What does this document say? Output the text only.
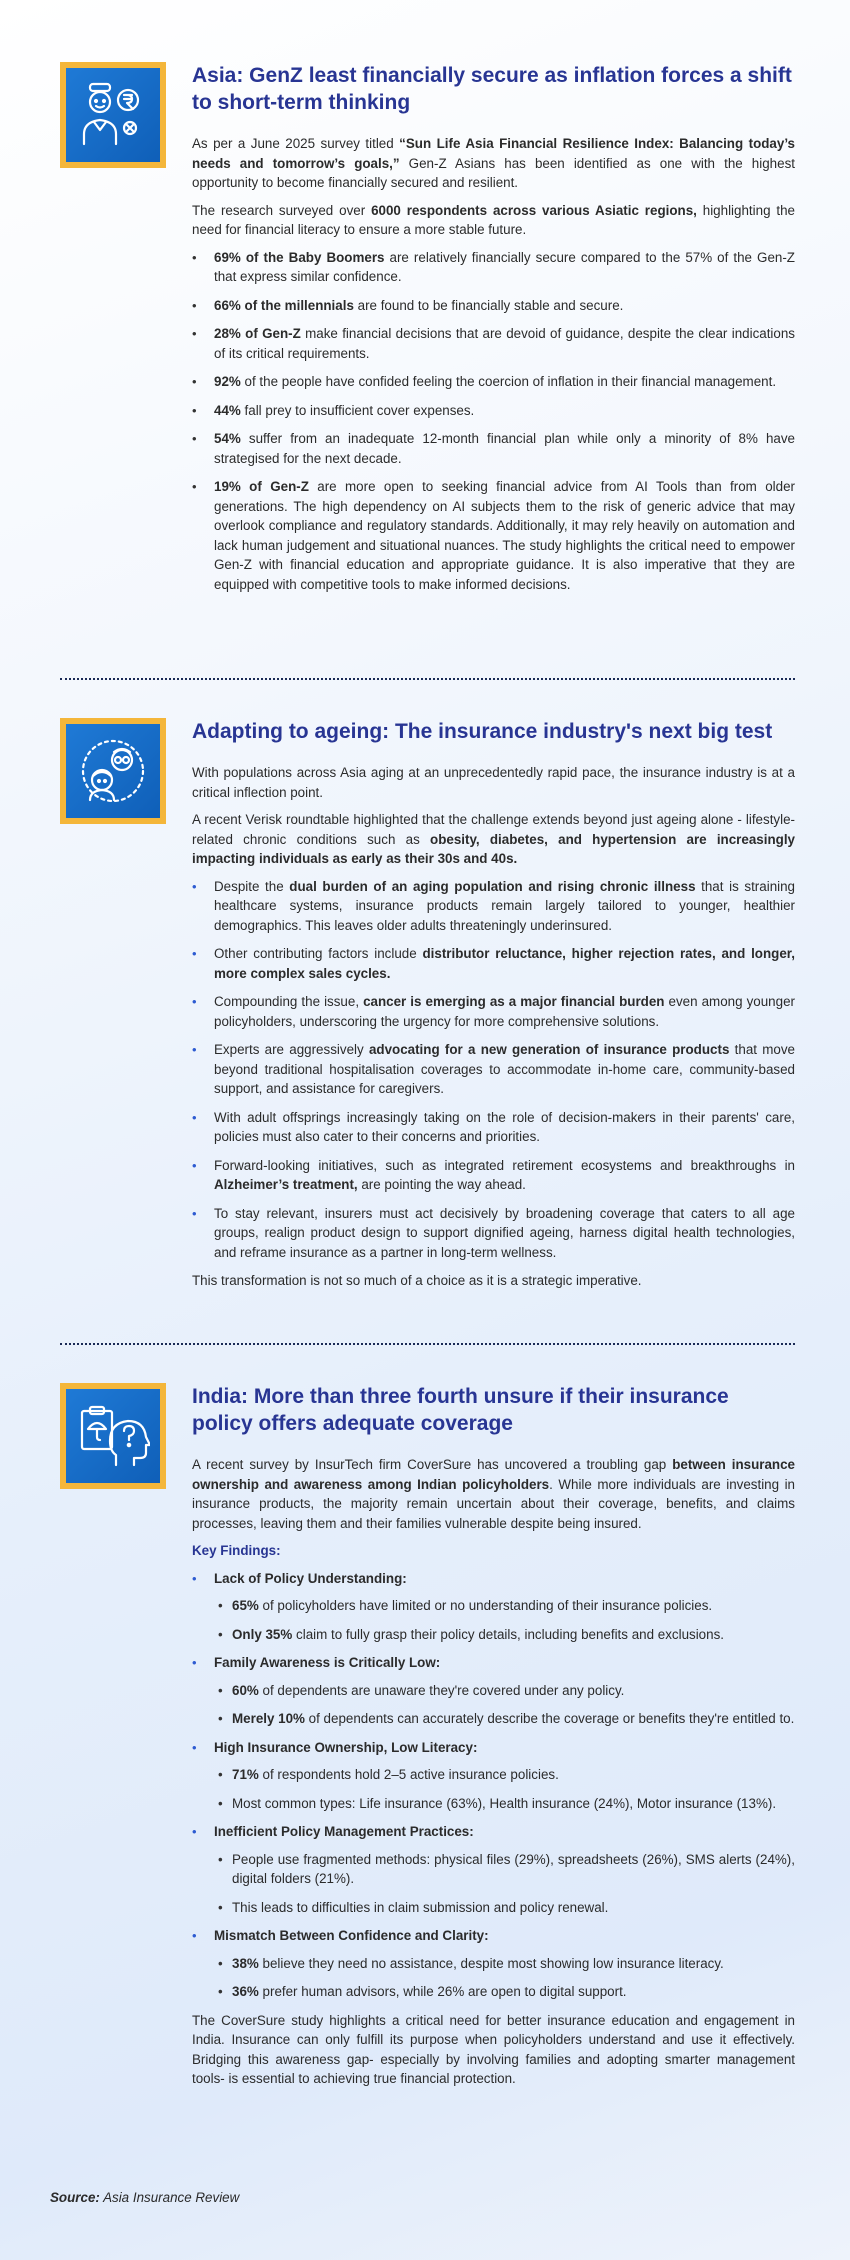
Asia: GenZ least financially secure as inflation forces a shift to short-term thinking

As per a June 2025 survey titled “Sun Life Asia Financial Resilience Index: Balancing today’s needs and tomorrow’s goals,” Gen-Z Asians has been identified as one with the highest opportunity to become financially secured and resilient.

The research surveyed over 6000 respondents across various Asiatic regions, highlighting the need for financial literacy to ensure a more stable future.

• 69% of the Baby Boomers are relatively financially secure compared to the 57% of the Gen-Z that express similar confidence.
• 66% of the millennials are found to be financially stable and secure.
• 28% of Gen-Z make financial decisions that are devoid of guidance, despite the clear indications of its critical requirements.
• 92% of the people have confided feeling the coercion of inflation in their financial management.
• 44% fall prey to insufficient cover expenses.
• 54% suffer from an inadequate 12-month financial plan while only a minority of 8% have strategised for the next decade.
• 19% of Gen-Z are more open to seeking financial advice from AI Tools than from older generations. The high dependency on AI subjects them to the risk of generic advice that may overlook compliance and regulatory standards. Additionally, it may rely heavily on automation and lack human judgement and situational nuances. The study highlights the critical need to empower Gen-Z with financial education and appropriate guidance. It is also imperative that they are equipped with competitive tools to make informed decisions.
Adapting to ageing: The insurance industry's next big test

With populations across Asia aging at an unprecedentedly rapid pace, the insurance industry is at a critical inflection point.

A recent Verisk roundtable highlighted that the challenge extends beyond just ageing alone - lifestyle-related chronic conditions such as obesity, diabetes, and hypertension are increasingly impacting individuals as early as their 30s and 40s.

• Despite the dual burden of an aging population and rising chronic illness that is straining healthcare systems, insurance products remain largely tailored to younger, healthier demographics. This leaves older adults threateningly underinsured.
• Other contributing factors include distributor reluctance, higher rejection rates, and longer, more complex sales cycles.
• Compounding the issue, cancer is emerging as a major financial burden even among younger policyholders, underscoring the urgency for more comprehensive solutions.
• Experts are aggressively advocating for a new generation of insurance products that move beyond traditional hospitalisation coverages to accommodate in-home care, community-based support, and assistance for caregivers.
• With adult offsprings increasingly taking on the role of decision-makers in their parents' care, policies must also cater to their concerns and priorities.
• Forward-looking initiatives, such as integrated retirement ecosystems and breakthroughs in Alzheimer’s treatment, are pointing the way ahead.
• To stay relevant, insurers must act decisively by broadening coverage that caters to all age groups, realign product design to support dignified ageing, harness digital health technologies, and reframe insurance as a partner in long-term wellness.

This transformation is not so much of a choice as it is a strategic imperative.

India: More than three fourth unsure if their insurance policy offers adequate coverage

A recent survey by InsurTech firm CoverSure has uncovered a troubling gap between insurance ownership and awareness among Indian policyholders. While more individuals are investing in insurance products, the majority remain uncertain about their coverage, benefits, and claims processes, leaving them and their families vulnerable despite being insured.

Key Findings:
• Lack of Policy Understanding:
• 65% of policyholders have limited or no understanding of their insurance policies.
• Only 35% claim to fully grasp their policy details, including benefits and exclusions.
• Family Awareness is Critically Low:
• 60% of dependents are unaware they're covered under any policy.
• Merely 10% of dependents can accurately describe the coverage or benefits they're entitled to.
• High Insurance Ownership, Low Literacy:
• 71% of respondents hold 2–5 active insurance policies.
• Most common types: Life insurance (63%), Health insurance (24%), Motor insurance (13%).
• Inefficient Policy Management Practices:
• People use fragmented methods: physical files (29%), spreadsheets (26%), SMS alerts (24%), digital folders (21%).
• This leads to difficulties in claim submission and policy renewal.
• Mismatch Between Confidence and Clarity:
• 38% believe they need no assistance, despite most showing low insurance literacy.
• 36% prefer human advisors, while 26% are open to digital support.

The CoverSure study highlights a critical need for better insurance education and engagement in India. Insurance can only fulfill its purpose when policyholders understand and use it effectively. Bridging this awareness gap- especially by involving families and adopting smarter management tools- is essential to achieving true financial protection.

Source: Asia Insurance Review
